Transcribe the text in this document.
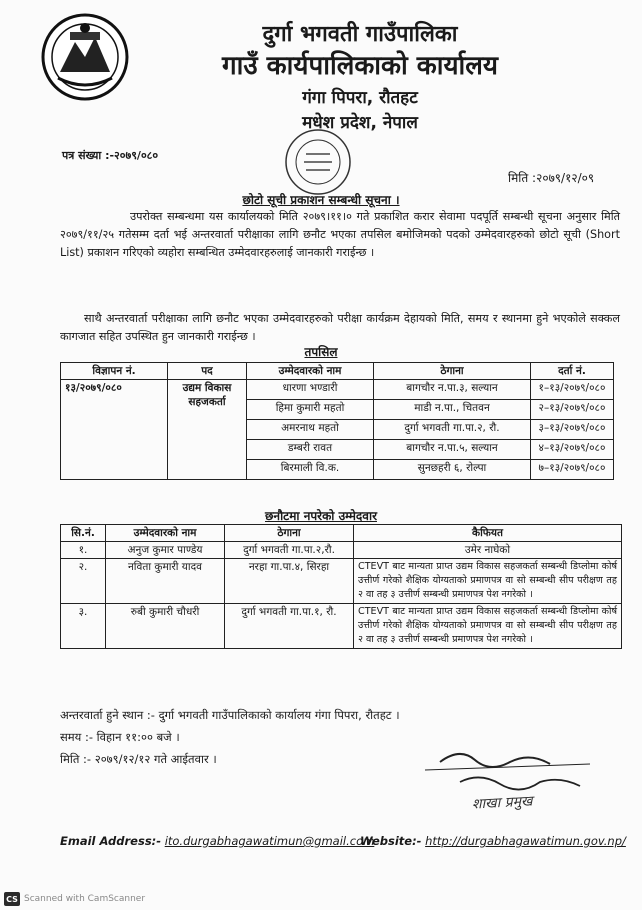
दुर्गा भगवती गाउँपालिका
गाउँ कार्यपालिकाको कार्यालय
गंगा पिपरा, रौतहट
मधेश प्रदेश, नेपाल
पत्र संख्या :-२०७९/०८०
मिति :२०७९/१२/०९
छोटो सूची प्रकाशन सम्बन्धी सूचना ।
उपरोक्त सम्बन्धमा यस कार्यालयको मिति २०७९।११।० गते प्रकाशित करार सेवामा पदपूर्ति सम्बन्धी सूचना अनुसार मिति २०७९/११/२५ गतेसम्म दर्ता भई अन्तरवार्ता परीक्षाका लागि छनौट भएका तपसिल बमोजिमको पदको उम्मेदवारहरुको छोटो सूची (Short List) प्रकाशन गरिएको व्यहोरा सम्बन्धित उम्मेदवारहरुलाई जानकारी गराईन्छ ।
साथै अन्तरवार्ता परीक्षाका लागि छनौट भएका उम्मेदवारहरुको परीक्षा कार्यक्रम देहायको मिति, समय र स्थानमा हुने भएकोले सक्कल कागजात सहित उपस्थित हुन जानकारी गराईन्छ ।
तपसिल
विज्ञापन नं.	पद	उम्मेदवारको नाम	ठेगाना	दर्ता नं.
१३/२०७९/०८०	उद्यम विकास
सहजकर्ता	धारणा भण्डारी	बागचौर न.पा.३, सल्यान	१–१३/२०७९/०८०
		हिमा कुमारी महतो	माडी न.पा., चितवन	२–१३/२०७९/०८०
		अमरनाथ महतो	दुर्गा भगवती गा.पा.२, रौ.	३–१३/२०७९/०८०
		डम्बरी रावत	बागचौर न.पा.५, सल्यान	४–१३/२०७९/०८०
		बिरमाली वि.क.	सुनछहरी ६, रोल्पा	७–१३/२०७९/०८०
छनौटमा नपरेको उम्मेदवार
सि.नं.	उम्मेदवारको नाम	ठेगाना	कैफियत
१.	अनुज कुमार पाण्डेय	दुर्गा भगवती गा.पा.२,रौ.	उमेर नाघेको
२.	नविता कुमारी यादव	नरहा गा.पा.४, सिरहा	CTEVT बाट मान्यता प्राप्त उद्यम विकास सहजकर्ता सम्बन्धी डिप्लोमा कोर्ष उत्तीर्ण गरेको शैक्षिक योग्यताको प्रमाणपत्र वा सो सम्बन्धी सीप परीक्षण तह २ वा तह ३ उत्तीर्ण सम्बन्धी प्रमाणपत्र पेश नगरेको ।
३.	रुबी कुमारी चौधरी	दुर्गा भगवती गा.पा.१, रौ.	CTEVT बाट मान्यता प्राप्त उद्यम विकास सहजकर्ता सम्बन्धी डिप्लोमा कोर्ष उत्तीर्ण गरेको शैक्षिक योग्यताको प्रमाणपत्र वा सो सम्बन्धी सीप परीक्षण तह २ वा तह ३ उत्तीर्ण सम्बन्धी प्रमाणपत्र पेश नगरेको ।
अन्तरवार्ता हुने स्थान :- दुर्गा भगवती गाउँपालिकाको कार्यालय गंगा पिपरा, रौतहट ।
समय :- विहान ११:०० बजे ।
मिति :- २०७९/१२/१२ गते आईतवार ।
शाखा प्रमुख
Email Address:- ito.durgabhagawatimun@gmail.com
Website:- http://durgabhagawatimun.gov.np/
CS Scanned with CamScanner
